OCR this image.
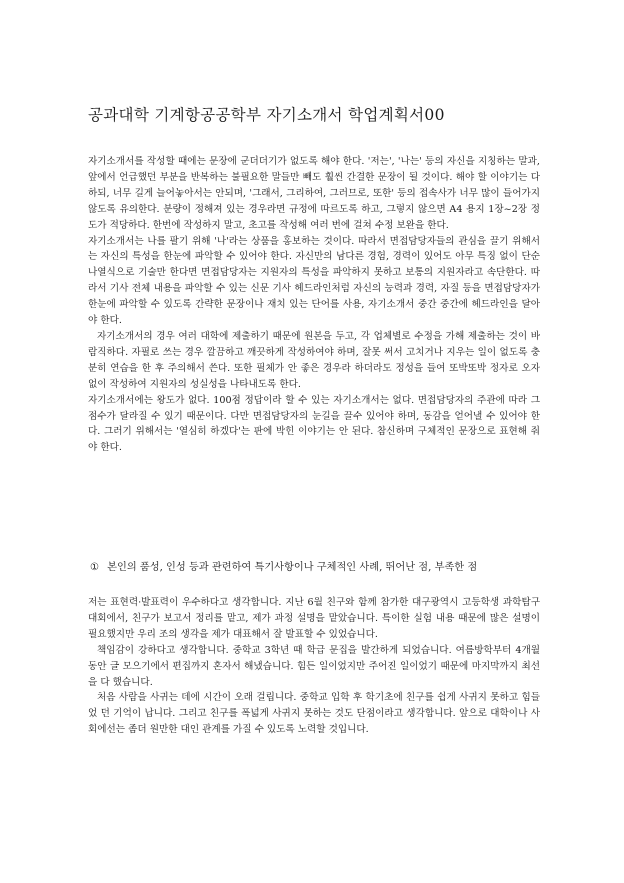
공과대학 기계항공공학부 자기소개서 학업계획서00

자기소개서를 작성할 때에는 문장에 군더더기가 없도록 해야 한다. '저는', '나는' 등의 자신을 지칭하는 말과, 앞에서 언급했던 부분을 반복하는 불필요한 말들만 빼도 훨씬 간결한 문장이 될 것이다. 해야 할 이야기는 다 하되, 너무 길게 늘어놓아서는 안되며, '그래서, 그리하여, 그러므로, 또한' 등의 접속사가 너무 많이 들어가지 않도록 유의한다. 분량이 정해져 있는 경우라면 규정에 따르도록 하고, 그렇지 않으면 A4 용지 1장~2장 정도가 적당하다. 한번에 작성하지 말고, 초고를 작성해 여러 번에 걸쳐 수정 보완을 한다.

자기소개서는 나를 팔기 위해 '나'라는 상품을 홍보하는 것이다. 따라서 면접담당자들의 관심을 끌기 위해서는 자신의 특성을 한눈에 파악할 수 있어야 한다. 자신만의 남다른 경험, 경력이 있어도 아무 특징 없이 단순 나열식으로 기술만 한다면 면접담당자는 지원자의 특성을 파악하지 못하고 보통의 지원자라고 속단한다. 따라서 기사 전체 내용을 파악할 수 있는 신문 기사 헤드라인처럼 자신의 능력과 경력, 자질 등을 면접담당자가 한눈에 파악할 수 있도록 간략한 문장이나 재치 있는 단어를 사용, 자기소개서 중간 중간에 헤드라인을 달아야 한다.

자기소개서의 경우 여러 대학에 제출하기 때문에 원본을 두고, 각 업체별로 수정을 가해 제출하는 것이 바람직하다. 자필로 쓰는 경우 깔끔하고 깨끗하게 작성하여야 하며, 잘못 써서 고치거나 지우는 일이 없도록 충분히 연습을 한 후 주의해서 쓴다. 또한 필체가 안 좋은 경우라 하더라도 정성을 들여 또박또박 정자로 오자 없이 작성하여 지원자의 성실성을 나타내도록 한다.

자기소개서에는 왕도가 없다. 100점 정답이라 할 수 있는 자기소개서는 없다. 면접담당자의 주관에 따라 그 점수가 달라질 수 있기 때문이다. 다만 면접담당자의 눈길을 끌수 있어야 하며, 동감을 얻어낼 수 있어야 한다. 그러기 위해서는 '열심히 하겠다'는 판에 박힌 이야기는 안 된다. 참신하며 구체적인 문장으로 표현해 줘야 한다.

① 본인의 품성, 인성 등과 관련하여 특기사항이나 구체적인 사례, 뛰어난 점, 부족한 점

저는 표현력·발표력이 우수하다고 생각합니다. 지난 6월 친구와 함께 참가한 대구광역시 고등학생 과학탐구 대회에서, 친구가 보고서 정리를 맡고, 제가 과정 설명을 맡았습니다. 특이한 실험 내용 때문에 많은 설명이 필요했지만 우리 조의 생각을 제가 대표해서 잘 발표할 수 있었습니다.

책임감이 강하다고 생각합니다. 중학교 3학년 때 학급 문집을 발간하게 되었습니다. 여름방학부터 4개월 동안 글 모으기에서 편집까지 혼자서 해냈습니다. 힘든 일이었지만 주어진 일이었기 때문에 마지막까지 최선을 다 했습니다.

처음 사람을 사귀는 데에 시간이 오래 걸립니다. 중학교 입학 후 학기초에 친구를 쉽게 사귀지 못하고 힘들었 던 기억이 납니다. 그리고 친구를 폭넓게 사귀지 못하는 것도 단점이라고 생각합니다. 앞으로 대학이나 사회에선는 좀더 원만한 대인 관계를 가질 수 있도록 노력할 것입니다.
